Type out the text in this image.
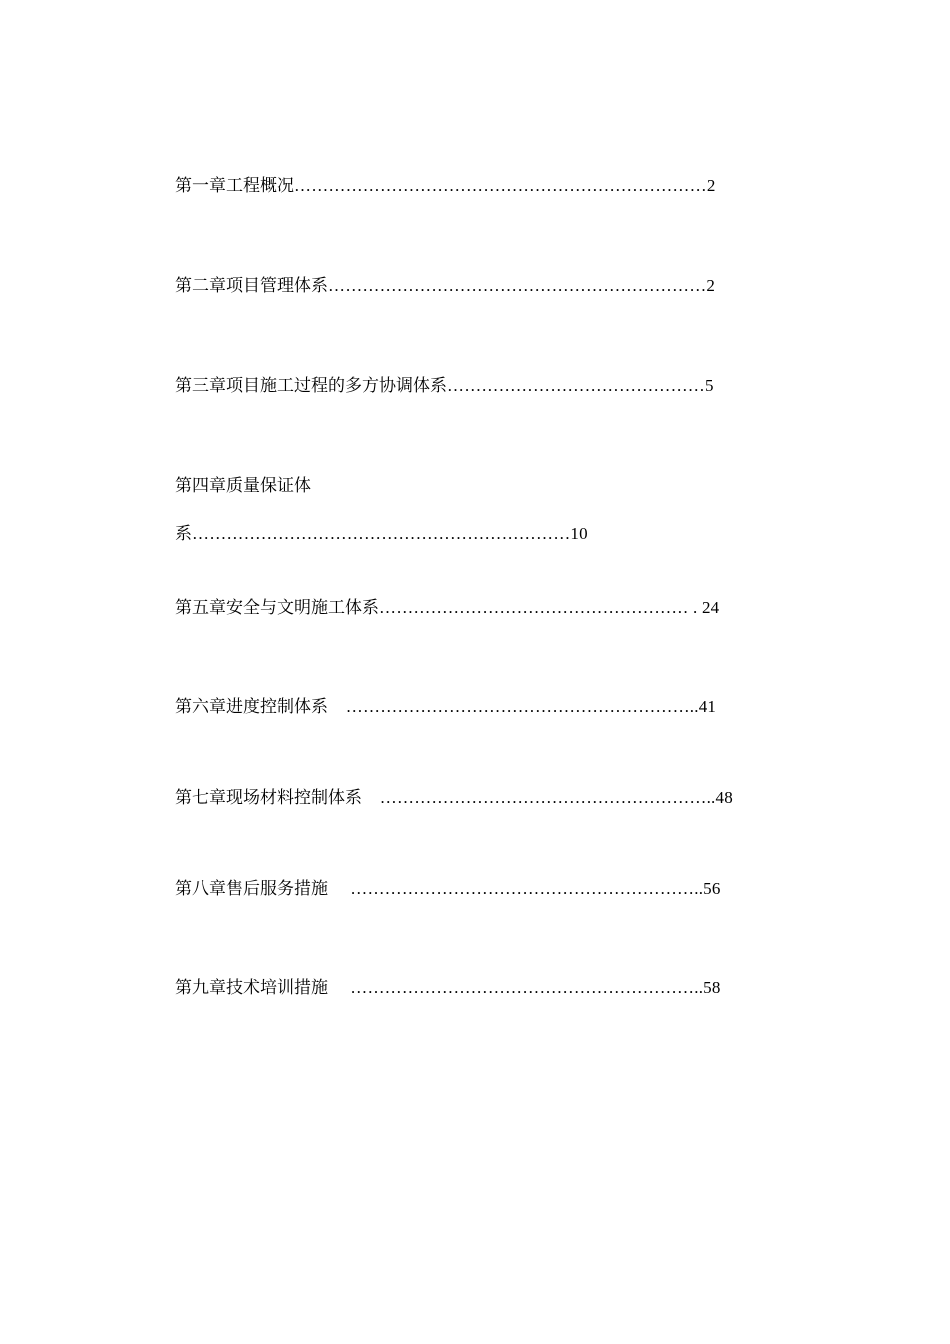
第一章工程概况………………………………………………………………2
第二章项目管理体系…………………………………………………………2
第三章项目施工过程的多方协调体系………………………………………5
第四章质量保证体
系…………………………………………………………10
第五章安全与文明施工体系……………………………………………… . 24
第六章进度控制体系    ……………………………………………………..41
第七章现场材料控制体系    …………………………………………………..48
第八章售后服务措施     ……………………………………………………..56
第九章技术培训措施     ……………………………………………………..58
